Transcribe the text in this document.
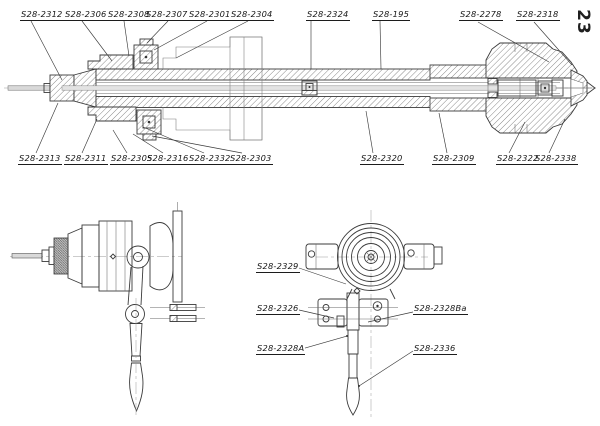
S28-2312 S28-2306 S28-2308
S28-2307 S28-2301 S28-2304	S28-2324	S28-195	S28-2278 S28-2318
S28-2313 S28-2311 S28-2305
S28-2316 S28-2332 S28-2303	S28-2320	S28-2309	S28-2322
S28-2338
S28-2329
S28-2326
S28-2328A
S28-2328Ba
S28-2336
23
